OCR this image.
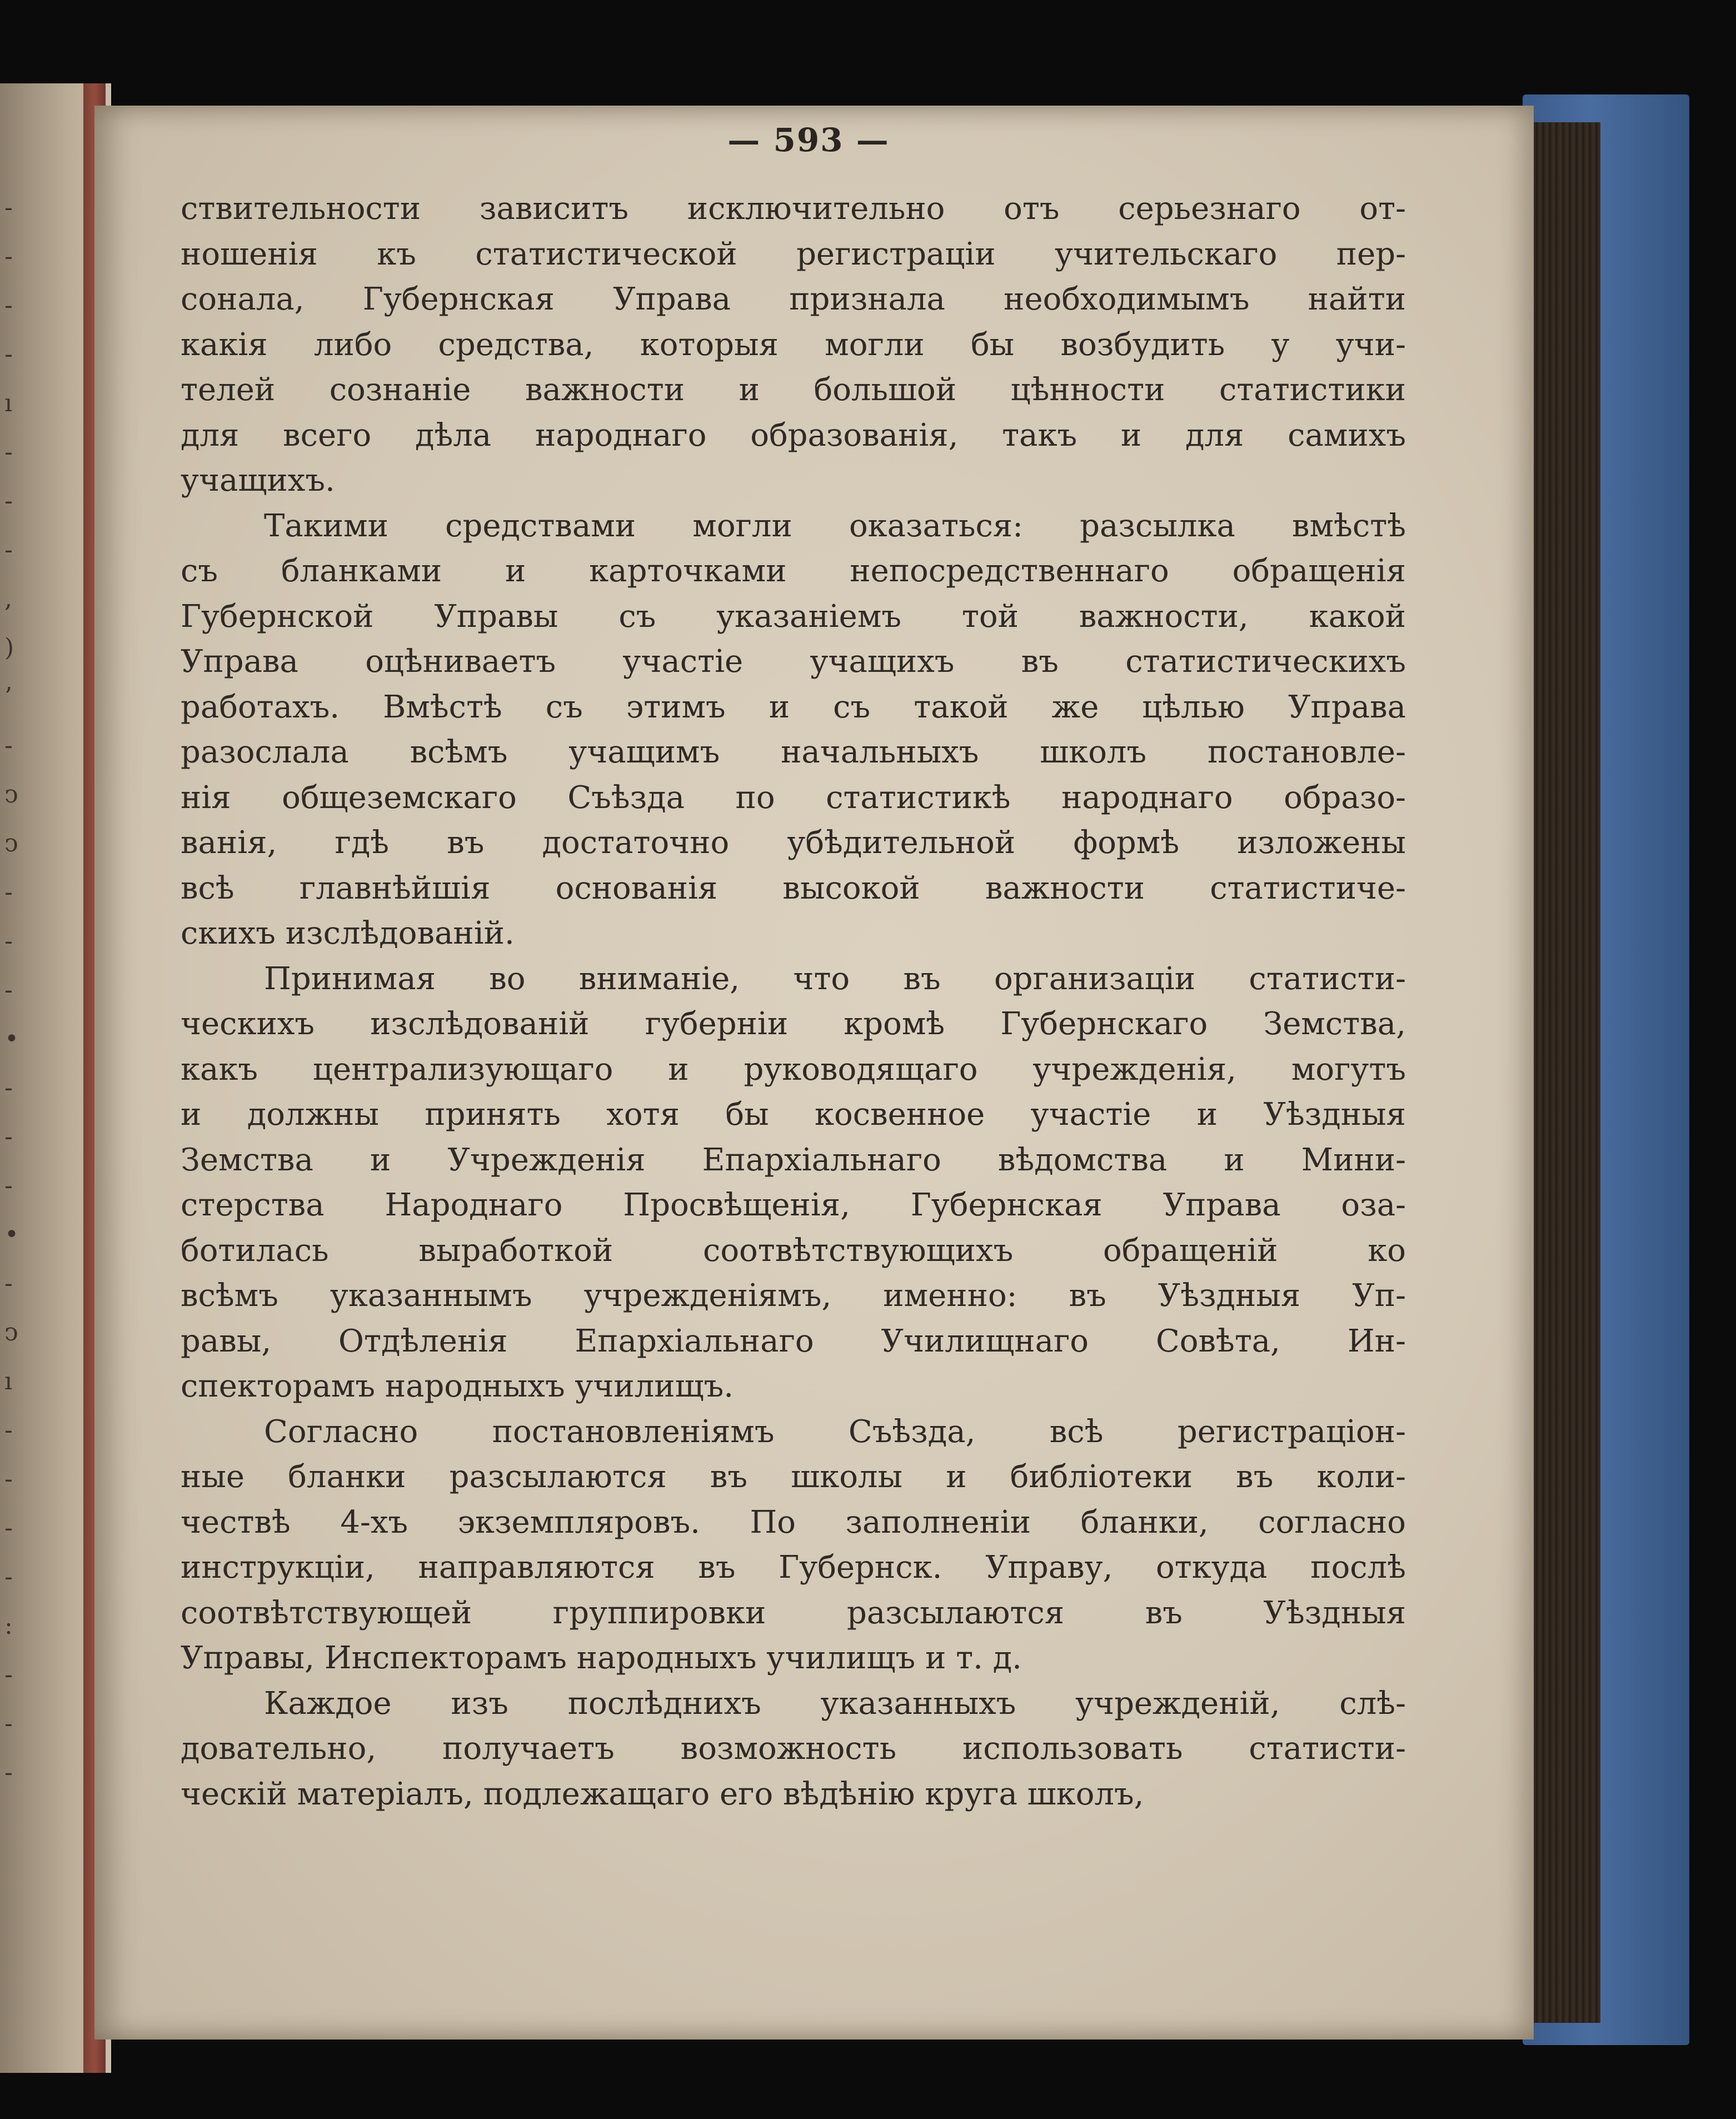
-
-
-
-
ı
-
-
-
,
)
’
-
ͻ
ͻ
-
-
-
•
-
-
-
•
-
ͻ
ı
-
-
-
-
:
-
-
-
— 593 —
ствительности зависитъ исключительно отъ серьезнаго от-
ношенія къ статистической регистраціи учительскаго пер-
сонала, Губернская Управа признала необходимымъ найти
какія либо средства, которыя могли бы возбудить у учи-
телей сознаніе важности и большой цѣнности статистики
для всего дѣла народнаго образованія, такъ и для самихъ
учащихъ.
Такими средствами могли оказаться: разсылка вмѣстѣ
съ бланками и карточками непосредственнаго обращенія
Губернской Управы съ указаніемъ той важности, какой
Управа оцѣниваетъ участіе учащихъ въ статистическихъ
работахъ. Вмѣстѣ съ этимъ и съ такой же цѣлью Управа
разослала всѣмъ учащимъ начальныхъ школъ постановле-
нія общеземскаго Съѣзда по статистикѣ народнаго образо-
ванія, гдѣ въ достаточно убѣдительной формѣ изложены
всѣ главнѣйшія основанія высокой важности статистиче-
скихъ изслѣдованій.
Принимая во вниманіе, что въ организаціи статисти-
ческихъ изслѣдованій губерніи кромѣ Губернскаго Земства,
какъ централизующаго и руководящаго учрежденія, могутъ
и должны принять хотя бы косвенное участіе и Уѣздныя
Земства и Учрежденія Епархіальнаго вѣдомства и Мини-
стерства Народнаго Просвѣщенія, Губернская Управа оза-
ботилась выработкой соотвѣтствующихъ обращеній ко
всѣмъ указаннымъ учрежденіямъ, именно: въ Уѣздныя Уп-
равы, Отдѣленія Епархіальнаго Училищнаго Совѣта, Ин-
спекторамъ народныхъ училищъ.
Согласно постановленіямъ Съѣзда, всѣ регистраціон-
ные бланки разсылаются въ школы и библіотеки въ коли-
чествѣ 4-хъ экземпляровъ. По заполненіи бланки, согласно
инструкціи, направляются въ Губернск. Управу, откуда послѣ
соотвѣтствующей группировки разсылаются въ Уѣздныя
Управы, Инспекторамъ народныхъ училищъ и т. д.
Каждое изъ послѣднихъ указанныхъ учрежденій, слѣ-
довательно, получаетъ возможность использовать статисти-
ческій матеріалъ, подлежащаго его вѣдѣнію круга школъ,
